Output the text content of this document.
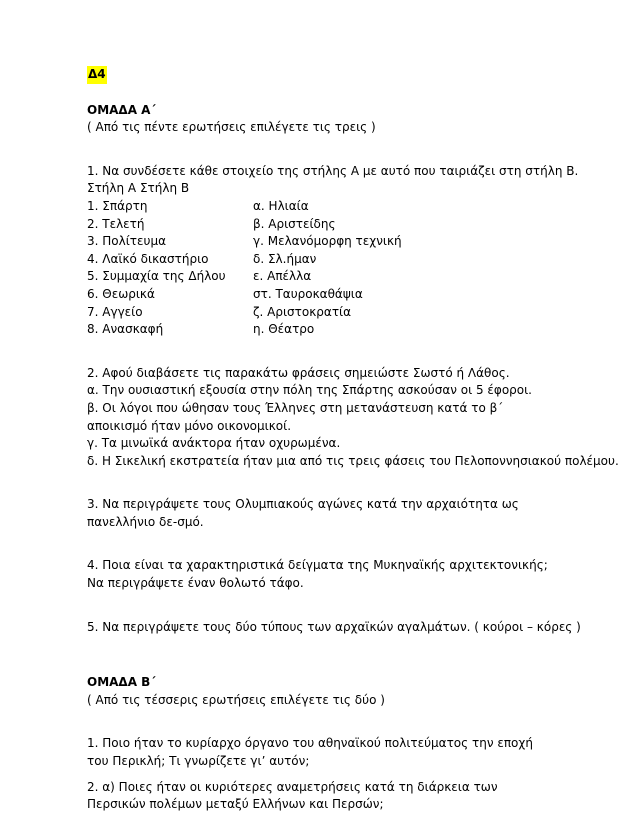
Δ4
ΟΜΑΔΑ Α΄
( Από τις πέντε ερωτήσεις επιλέγετε τις τρεις )
1. Να συνδέσετε κάθε στοιχείο της στήλης Α με αυτό που ταιριάζει στη στήλη Β.
Στήλη Α Στήλη Β
1. Σπάρτη	α. Ηλιαία
2. Τελετή	β. Αριστείδης
3. Πολίτευμα	γ. Μελανόμορφη τεχνική
4. Λαϊκό δικαστήριο	δ. Σλ.ήμαν
5. Συμμαχία της Δήλου	ε. Απέλλα
6. Θεωρικά	στ. Ταυροκαθάψια
7. Αγγείο	ζ. Αριστοκρατία
8. Ανασκαφή	η. Θέατρο
2. Αφού διαβάσετε τις παρακάτω φράσεις σημειώστε Σωστό ή Λάθος.
α. Την ουσιαστική εξουσία στην πόλη της Σπάρτης ασκούσαν οι 5 έφοροι.
β. Οι λόγοι που ώθησαν τους Έλληνες στη μετανάστευση κατά το β΄ αποικισμό ήταν μόνο οικονομικοί.
γ. Τα μινωϊκά ανάκτορα ήταν οχυρωμένα.
δ. Η Σικελική εκστρατεία ήταν μια από τις τρεις φάσεις του Πελοποννησιακού πολέμου.
3. Να περιγράψετε τους Ολυμπιακούς αγώνες κατά την αρχαιότητα ως πανελλήνιο δε-σμό.
4. Ποια είναι τα χαρακτηριστικά δείγματα της Μυκηναϊκής αρχιτεκτονικής; Να περιγράψετε έναν θολωτό τάφο.
5. Να περιγράψετε τους δύο τύπους των αρχαϊκών αγαλμάτων. ( κούροι – κόρες )
ΟΜΑΔΑ Β΄
( Από τις τέσσερις ερωτήσεις επιλέγετε τις δύο )
1. Ποιο ήταν το κυρίαρχο όργανο του αθηναϊκού πολιτεύματος την εποχή του Περικλή; Τι γνωρίζετε γι’ αυτόν;
2. α) Ποιες ήταν οι κυριότερες αναμετρήσεις κατά τη διάρκεια των Περσικών πολέμων μεταξύ Ελλήνων και Περσών;
